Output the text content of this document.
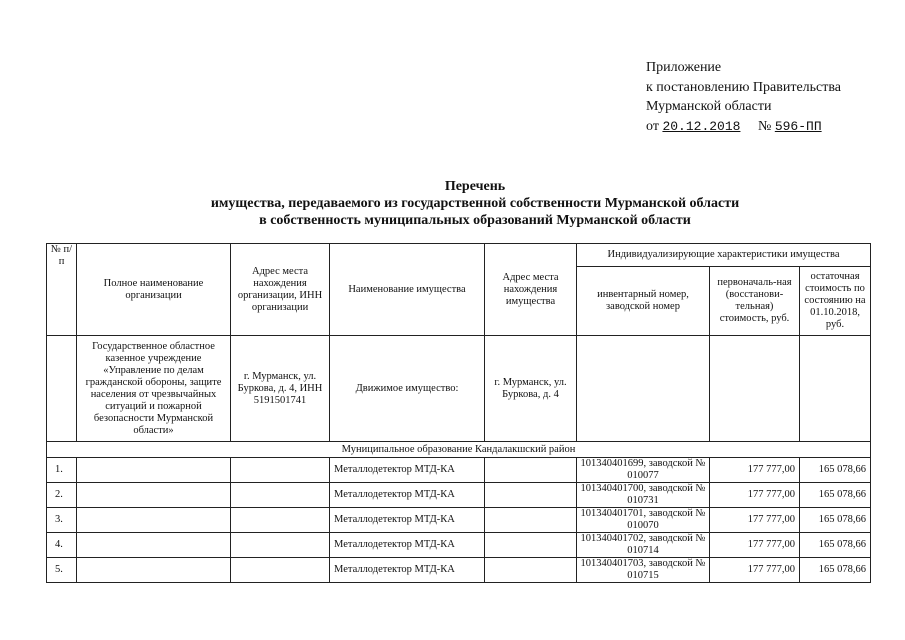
Приложение
к постановлению Правительства
Мурманской области
от 20.12.2018 № 596-ПП
Перечень
имущества, передаваемого из государственной собственности Мурманской области
в собственность муниципальных образований Мурманской области
№ п/п	Полное наименование организации	Адрес места нахождения организации, ИНН организации	Наименование имущества	Адрес места нахождения имущества	Индивидуализирующие характеристики имущества		
					инвентарный номер, заводской номер	первоначаль-ная (восстанови-тельная) стоимость, руб.	остаточная стоимость по состоянию на 01.10.2018, руб.
	Государственное областное казенное учреждение «Управление по делам гражданской обороны, защите населения от чрезвычайных ситуаций и пожарной безопасности Мурманской области»	г. Мурманск, ул. Буркова, д. 4, ИНН 5191501741	Движимое имущество:	г. Мурманск, ул. Буркова, д. 4			
Муниципальное образование Кандалакшский район							
1.			Металлодетектор МТД-КА		101340401699, заводской № 010077	177 777,00	165 078,66
2.			Металлодетектор МТД-КА		101340401700, заводской № 010731	177 777,00	165 078,66
3.			Металлодетектор МТД-КА		101340401701, заводской № 010070	177 777,00	165 078,66
4.			Металлодетектор МТД-КА		101340401702, заводской № 010714	177 777,00	165 078,66
5.			Металлодетектор МТД-КА		101340401703, заводской № 010715	177 777,00	165 078,66
